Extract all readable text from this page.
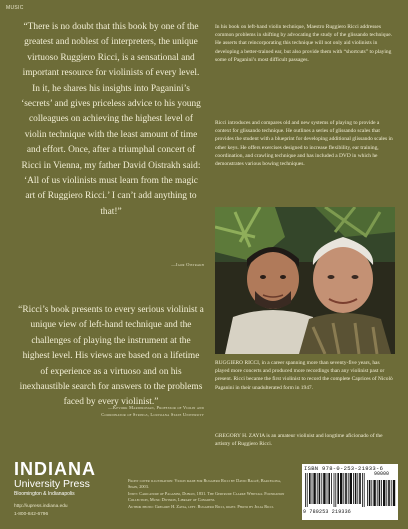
MUSIC
“There is no doubt that this book by one of the greatest and noblest of interpreters, the unique virtuoso Ruggiero Ricci, is a sensational and important resource for violinists of every level. In it, he shares his insights into Paganini’s ‘secrets’ and gives priceless advice to his young colleagues on achieving the highest level of violin technique with the least amount of time and effort. Once, after a triumphal concert of Ricci in Vienna, my father David Oistrakh said: ‘All of us violinists must learn from the magic art of Ruggiero Ricci.’ I can’t add anything to that!”
—Igor Oistrakh
“Ricci’s book presents to every serious violinist a unique view of left-hand technique and the challenges of playing the instrument at the highest level. His views are based on a lifetime of experience as a virtuoso and on his inexhaustible search for answers to the problems faced by every violinist.”
—Kevork Mardirosian, Professor of Violin and
Coordinator of Strings, Louisiana State University
In his book on left-hand violin technique, Maestro Ruggiero Ricci addresses common problems in shifting by advocating the study of the glissando technique. He asserts that reincorporating this technique will not only aid violinists in developing a better-trained ear, but also provide them with “shortcuts” to playing some of Paganini’s most difficult passages.
Ricci introduces and compares old and new systems of playing to provide a context for glissando technique. He outlines a series of glissando scales that provides the student with a blueprint for developing additional glissando scales in other keys. He offers exercises designed to increase flexibility, ear training, coordination, and crawling technique and has included a DVD in which he demonstrates various bowing techniques.
RUGGIERO RICCI, in a career spanning more than seventy-five years, has played more concerts and produced more recordings than any violinist past or present. Ricci became the first violinist to record the complete Caprices of Nicolò Paganini in their unadulterated form in 1947.
GREGORY H. ZAYIA is an amateur violinist and longtime aficionado of the artistry of Ruggiero Ricci.
INDIANA
University Press
Bloomington & Indianapolis
http://iupress.indiana.edu
1-800-842-6796
Front cover illustration: Violin made for Ruggiero Ricci by David Bagué, Barcelona, Spain, 2003.
Inset: Caricature of Paganini, Dublin, 1831. The Gertrude Clarke Whittall Foundation Collection, Music Division, Library of Congress.
Author photo: Gregory H. Zayia, left. Ruggiero Ricci, right. Photo by Julia Ricci.
ISBN 978-0-253-21933-6
90000
9 780253 219336
